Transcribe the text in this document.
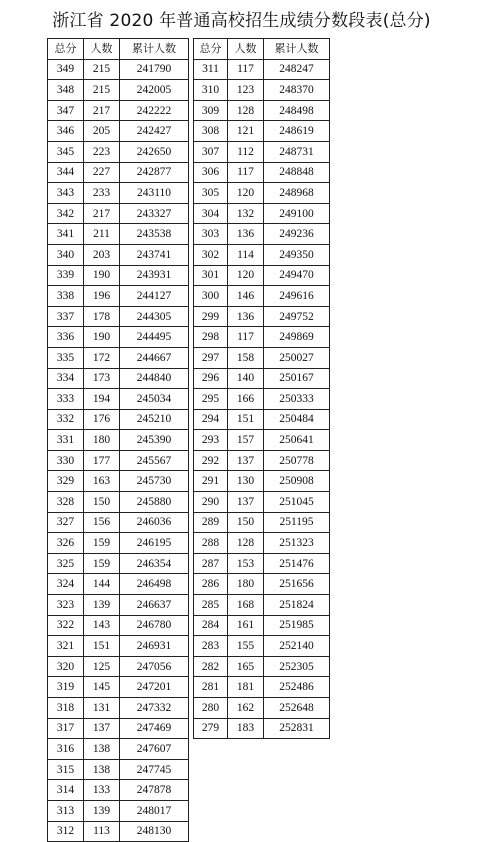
浙江省 2020 年普通高校招生成绩分数段表(总分)
总分	人数	累计人数
349	215	241790
348	215	242005
347	217	242222
346	205	242427
345	223	242650
344	227	242877
343	233	243110
342	217	243327
341	211	243538
340	203	243741
339	190	243931
338	196	244127
337	178	244305
336	190	244495
335	172	244667
334	173	244840
333	194	245034
332	176	245210
331	180	245390
330	177	245567
329	163	245730
328	150	245880
327	156	246036
326	159	246195
325	159	246354
324	144	246498
323	139	246637
322	143	246780
321	151	246931
320	125	247056
319	145	247201
318	131	247332
317	137	247469
316	138	247607
315	138	247745
314	133	247878
313	139	248017
312	113	248130
总分	人数	累计人数
311	117	248247
310	123	248370
309	128	248498
308	121	248619
307	112	248731
306	117	248848
305	120	248968
304	132	249100
303	136	249236
302	114	249350
301	120	249470
300	146	249616
299	136	249752
298	117	249869
297	158	250027
296	140	250167
295	166	250333
294	151	250484
293	157	250641
292	137	250778
291	130	250908
290	137	251045
289	150	251195
288	128	251323
287	153	251476
286	180	251656
285	168	251824
284	161	251985
283	155	252140
282	165	252305
281	181	252486
280	162	252648
279	183	252831
